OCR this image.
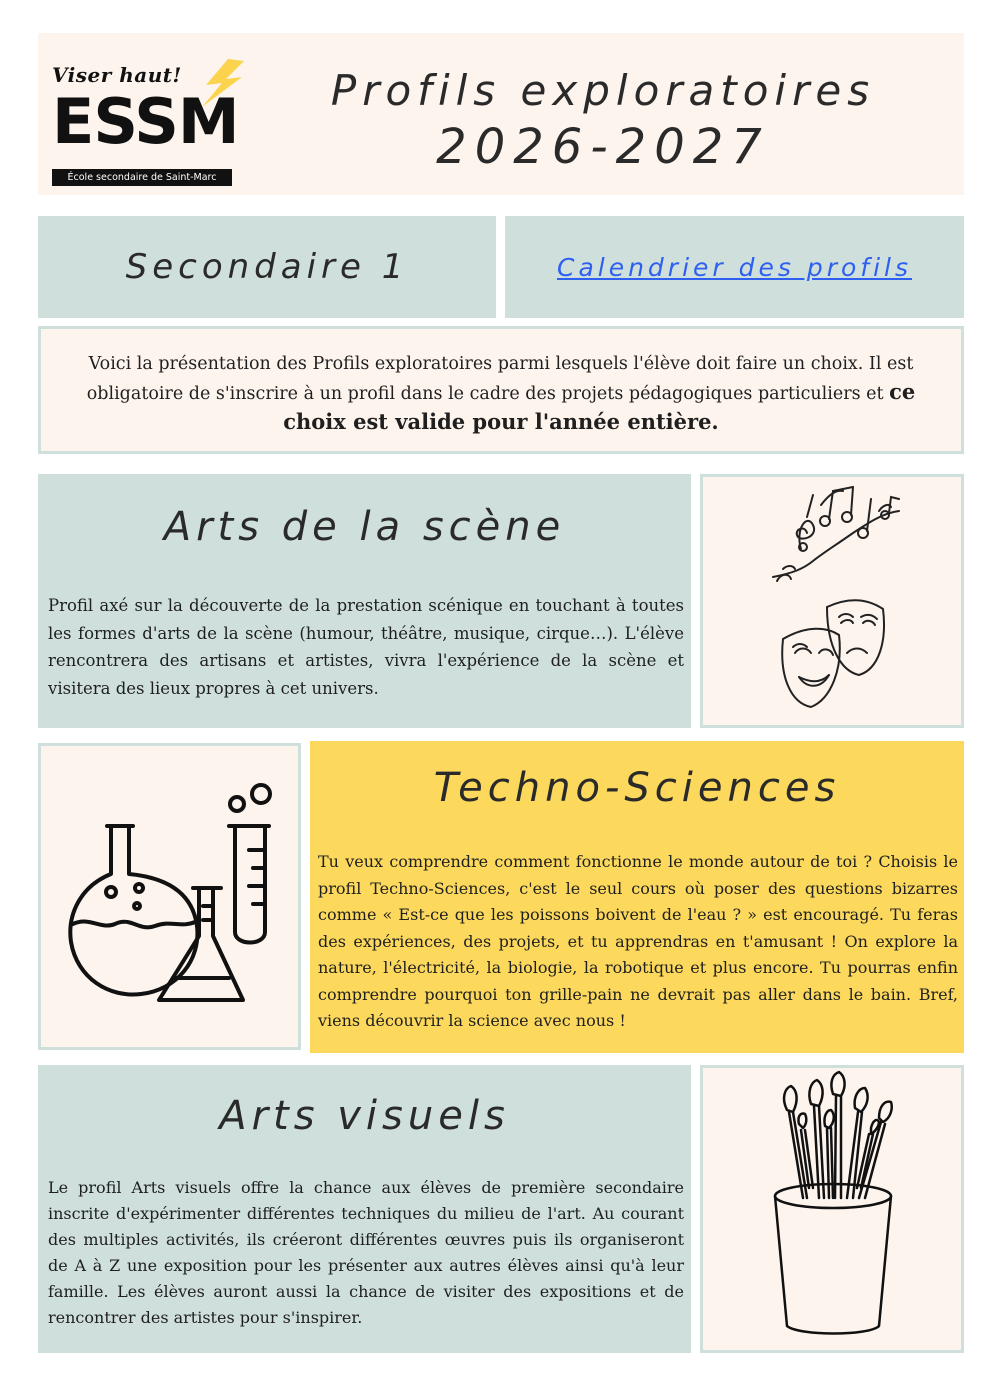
Viser haut!
ESSM
École secondaire de Saint-Marc
Profils exploratoires
2026-2027
Secondaire 1	Calendrier des profils
Voici la présentation des Profils exploratoires parmi lesquels l'élève doit faire un choix. Il est obligatoire de s'inscrire à un profil dans le cadre des projets pédagogiques particuliers et ce choix est valide pour l'année entière.
Arts de la scène
Profil axé sur la découverte de la prestation scénique en touchant à toutes les formes d'arts de la scène (humour, théâtre, musique, cirque…). L'élève rencontrera des artisans et artistes, vivra l'expérience de la scène et visitera des lieux propres à cet univers.
Techno-Sciences
Tu veux comprendre comment fonctionne le monde autour de toi ? Choisis le profil Techno-Sciences, c'est le seul cours où poser des questions bizarres comme « Est-ce que les poissons boivent de l'eau ? » est encouragé. Tu feras des expériences, des projets, et tu apprendras en t'amusant ! On explore la nature, l'électricité, la biologie, la robotique et plus encore. Tu pourras enfin comprendre pourquoi ton grille-pain ne devrait pas aller dans le bain. Bref, viens découvrir la science avec nous !
Arts visuels
Le profil Arts visuels offre la chance aux élèves de première secondaire inscrite d'expérimenter différentes techniques du milieu de l'art. Au courant des multiples activités, ils créeront différentes œuvres puis ils organiseront de A à Z une exposition pour les présenter aux autres élèves ainsi qu'à leur famille. Les élèves auront aussi la chance de visiter des expositions et de rencontrer des artistes pour s'inspirer.
